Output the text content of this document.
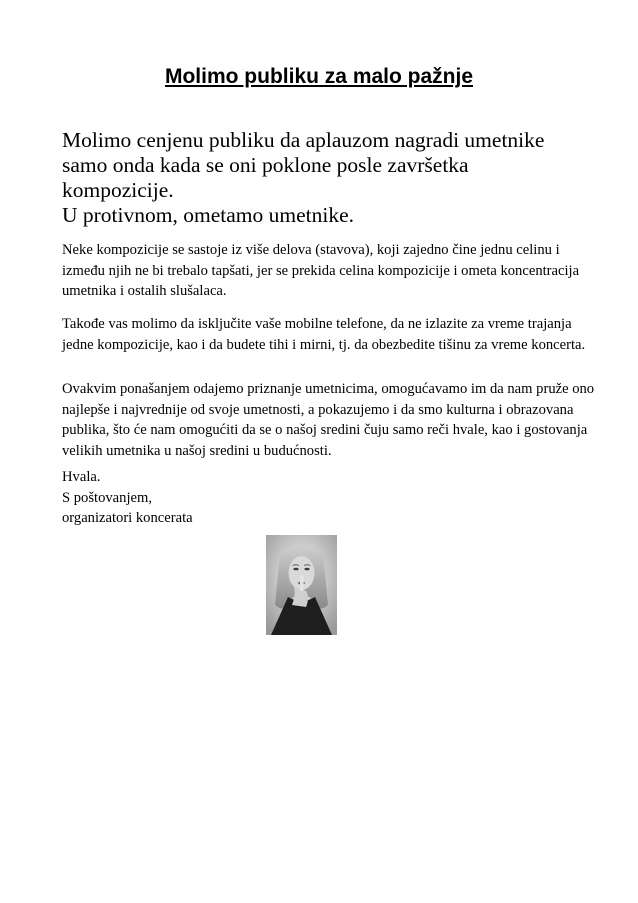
Molimo publiku za malo pažnje

Molimo cenjenu publiku da aplauzom nagradi umetnike
samo onda kada se oni poklone posle završetka
kompozicije.
U protivnom, ometamo umetnike.

Neke kompozicije se sastoje iz više delova (stavova), koji zajedno čine jednu celinu i između njih ne bi trebalo tapšati, jer se prekida celina kompozicije i ometa koncentracija umetnika i ostalih slušalaca.

Takođe vas molimo da isključite vaše mobilne telefone, da ne izlazite za vreme trajanja jedne kompozicije, kao i da budete tihi i mirni, tj. da obezbedite tišinu za vreme koncerta.

Ovakvim ponašanjem odajemo priznanje umetnicima, omogućavamo im da nam pruže ono najlepše i najvrednije od svoje umetnosti, a pokazujemo i da smo kulturna i obrazovana publika, što će nam omogućiti da se o našoj sredini čuju samo reči hvale, kao i gostovanja velikih umetnika u našoj sredini u budućnosti.

Hvala.
S poštovanjem,
organizatori koncerata
